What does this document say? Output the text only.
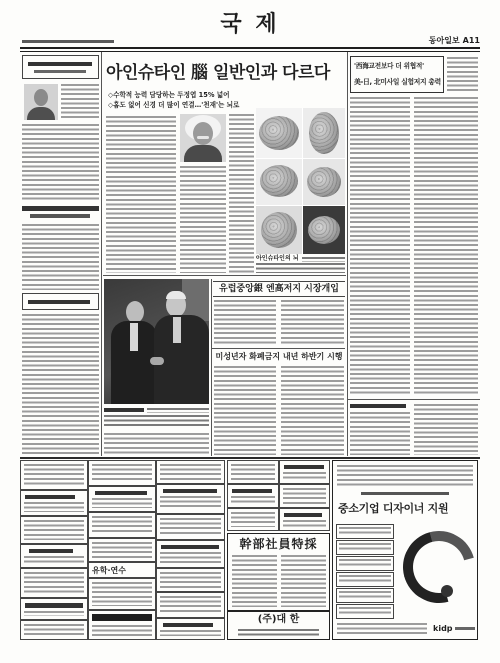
국 제
동아일보 A11
아인슈타인 腦 일반인과 다르다
◇수학적 능력 담당하는 두정엽 15% 넓어
◇홈도 없어 신경 더 많이 연결…'천재'는 뇌로
아인슈타인의 뇌
유럽중앙銀 엔高저지 시장개입
미성년자 화폐금지 내년 하반기 시행
'西海교전보다 더 위협적'
美-日, 北미사일 실험저지 총력
유학·연수
幹部社員特採
(주)대 한
중소기업 디자이너 지원
kidp
